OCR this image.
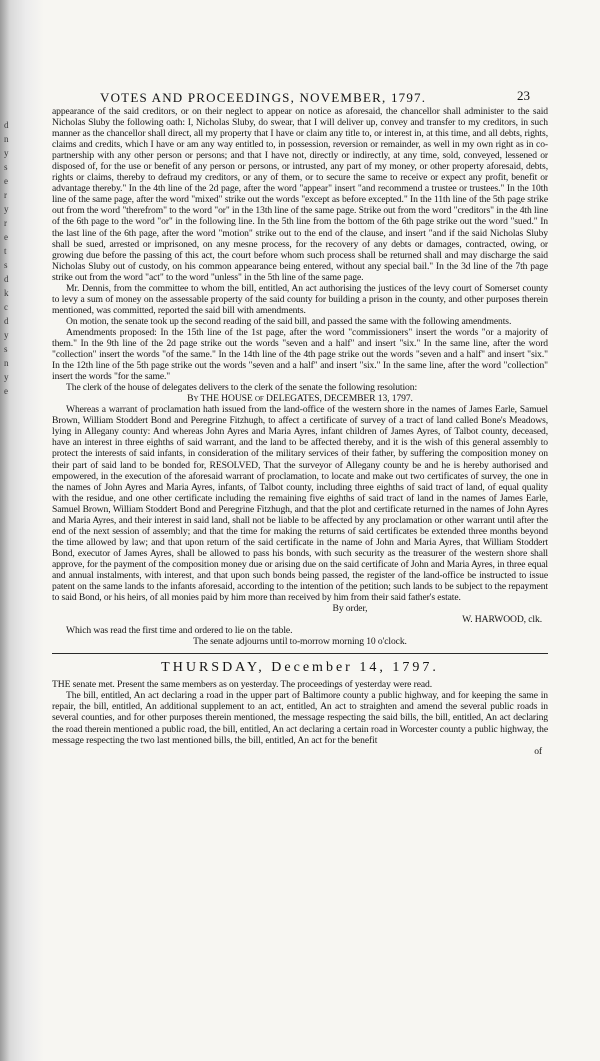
d
n
y
s
e
r
y
r
e
t
s
d
k
c
d
y
s
n
y
e
VOTES AND PROCEEDINGS, NOVEMBER, 1797.	23

appearance of the said creditors, or on their neglect to appear on notice as aforesaid, the chancellor shall administer to the said Nicholas Sluby the following oath: I, Nicholas Sluby, do swear, that I will deliver up, convey and transfer to my creditors, in such manner as the chancellor shall direct, all my property that I have or claim any title to, or interest in, at this time, and all debts, rights, claims and credits, which I have or am any way entitled to, in possession, reversion or remainder, as well in my own right as in co-partnership with any other person or persons; and that I have not, directly or indirectly, at any time, sold, conveyed, lessened or disposed of, for the use or benefit of any person or persons, or intrusted, any part of my money, or other property aforesaid, debts, rights or claims, thereby to defraud my creditors, or any of them, or to secure the same to receive or expect any profit, benefit or advantage thereby." In the 4th line of the 2d page, after the word "appear" insert "and recommend a trustee or trustees." In the 10th line of the same page, after the word "mixed" strike out the words "except as before excepted." In the 11th line of the 5th page strike out from the word "therefrom" to the word "or" in the 13th line of the same page. Strike out from the word "creditors" in the 4th line of the 6th page to the word "or" in the following line. In the 5th line from the bottom of the 6th page strike out the word "sued." In the last line of the 6th page, after the word "motion" strike out to the end of the clause, and insert "and if the said Nicholas Sluby shall be sued, arrested or imprisoned, on any mesne process, for the recovery of any debts or damages, contracted, owing, or growing due before the passing of this act, the court before whom such process shall be returned shall and may discharge the said Nicholas Sluby out of custody, on his common appearance being entered, without any special bail." In the 3d line of the 7th page strike out from the word "act" to the word "unless" in the 5th line of the same page.

Mr. Dennis, from the committee to whom the bill, entitled, An act authorising the justices of the levy court of Somerset county to levy a sum of money on the assessable property of the said county for building a prison in the county, and other purposes therein mentioned, was committed, reported the said bill with amendments.

On motion, the senate took up the second reading of the said bill, and passed the same with the following amendments.

Amendments proposed: In the 15th line of the 1st page, after the word "commissioners" insert the words "or a majority of them." In the 9th line of the 2d page strike out the words "seven and a half" and insert "six." In the same line, after the word "collection" insert the words "of the same." In the 14th line of the 4th page strike out the words "seven and a half" and insert "six." In the 12th line of the 5th page strike out the words "seven and a half" and insert "six." In the same line, after the word "collection" insert the words "for the same."

The clerk of the house of delegates delivers to the clerk of the senate the following resolution:

By THE HOUSE of DELEGATES, DECEMBER 13, 1797.

Whereas a warrant of proclamation hath issued from the land-office of the western shore in the names of James Earle, Samuel Brown, William Stoddert Bond and Peregrine Fitzhugh, to affect a certificate of survey of a tract of land called Bone's Meadows, lying in Allegany county: And whereas John Ayres and Maria Ayres, infant children of James Ayres, of Talbot county, deceased, have an interest in three eighths of said warrant, and the land to be affected thereby, and it is the wish of this general assembly to protect the interests of said infants, in consideration of the military services of their father, by suffering the composition money on their part of said land to be bonded for, RESOLVED, That the surveyor of Allegany county be and he is hereby authorised and empowered, in the execution of the aforesaid warrant of proclamation, to locate and make out two certificates of survey, the one in the names of John Ayres and Maria Ayres, infants, of Talbot county, including three eighths of said tract of land, of equal quality with the residue, and one other certificate including the remaining five eighths of said tract of land in the names of James Earle, Samuel Brown, William Stoddert Bond and Peregrine Fitzhugh, and that the plot and certificate returned in the names of John Ayres and Maria Ayres, and their interest in said land, shall not be liable to be affected by any proclamation or other warrant until after the end of the next session of assembly; and that the time for making the returns of said certificates be extended three months beyond the time allowed by law; and that upon return of the said certificate in the name of John and Maria Ayres, that William Stoddert Bond, executor of James Ayres, shall be allowed to pass his bonds, with such security as the treasurer of the western shore shall approve, for the payment of the composition money due or arising due on the said certificate of John and Maria Ayres, in three equal and annual instalments, with interest, and that upon such bonds being passed, the register of the land-office be instructed to issue patent on the same lands to the infants aforesaid, according to the intention of the petition; such lands to be subject to the repayment to said Bond, or his heirs, of all monies paid by him more than received by him from their said father's estate.

By order,

W. HARWOOD, clk.

Which was read the first time and ordered to lie on the table.

The senate adjourns until to-morrow morning 10 o'clock.

THURSDAY, December 14, 1797.

THE senate met. Present the same members as on yesterday. The proceedings of yesterday were read.

The bill, entitled, An act declaring a road in the upper part of Baltimore county a public highway, and for keeping the same in repair, the bill, entitled, An additional supplement to an act, entitled, An act to straighten and amend the several public roads in several counties, and for other purposes therein mentioned, the message respecting the said bills, the bill, entitled, An act declaring the road therein mentioned a public road, the bill, entitled, An act declaring a certain road in Worcester county a public highway, the message respecting the two last mentioned bills, the bill, entitled, An act for the benefit

of
